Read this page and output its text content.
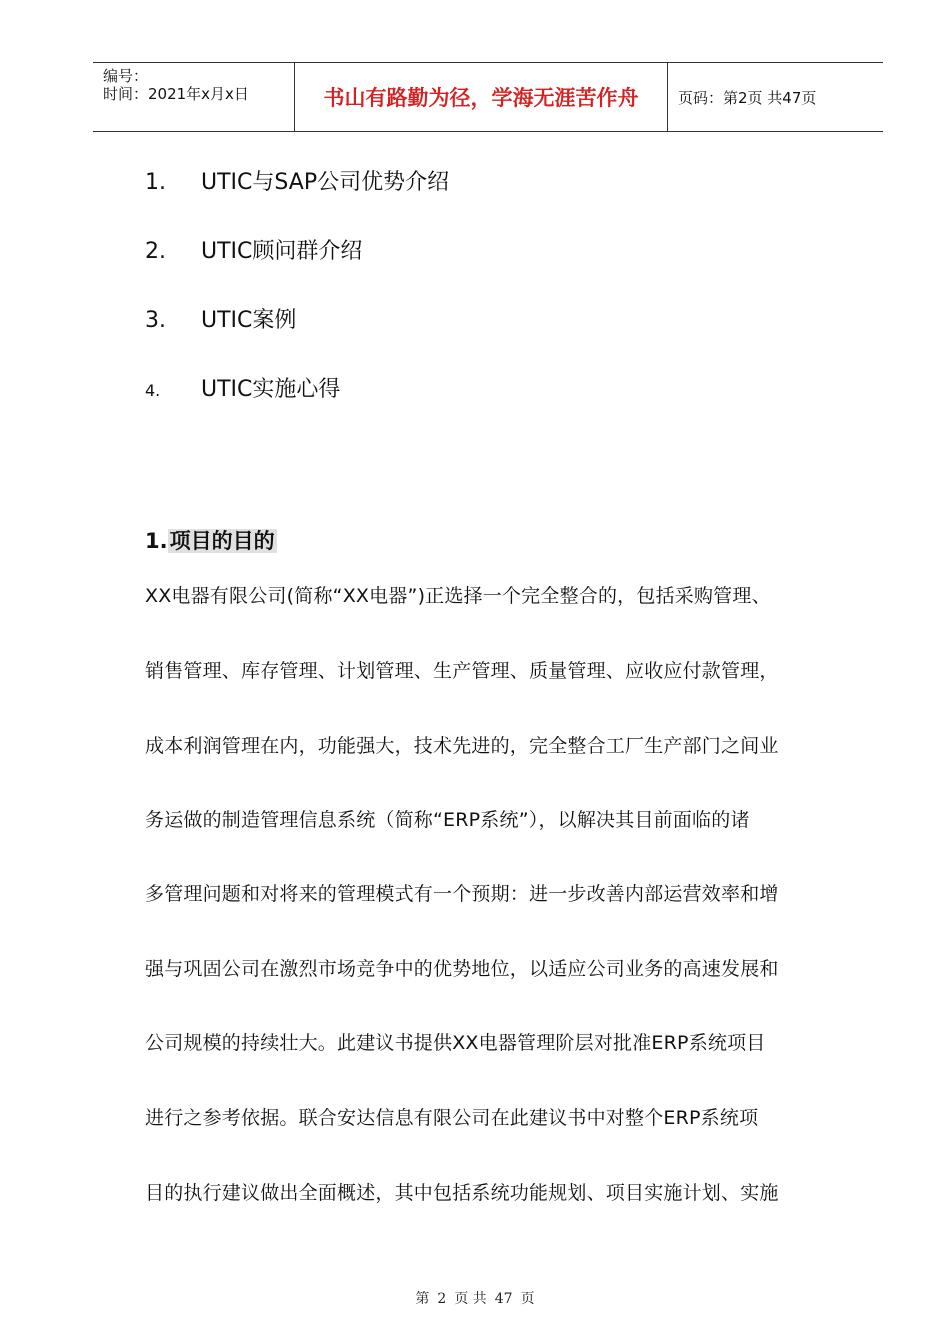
编号：
时间：2021年x月x日	书山有路勤为径，学海无涯苦作舟	页码：第2页 共47页
1. UTIC与SAP公司优势介绍
2. UTIC顾问群介绍
3. UTIC案例
4. UTIC实施心得
1.项目的目的
XX电器有限公司(简称“XX电器”)正选择一个完全整合的，包括采购管理、
销售管理、库存管理、计划管理、生产管理、质量管理、应收应付款管理，
成本利润管理在内，功能强大，技术先进的，完全整合工厂生产部门之间业
务运做的制造管理信息系统（简称“ERP系统”），以解决其目前面临的诸
多管理问题和对将来的管理模式有一个预期：进一步改善内部运营效率和增
强与巩固公司在激烈市场竞争中的优势地位，以适应公司业务的高速发展和
公司规模的持续壮大。此建议书提供XX电器管理阶层对批准ERP系统项目
进行之参考依据。联合安达信息有限公司在此建议书中对整个ERP系统项
目的执行建议做出全面概述，其中包括系统功能规划、项目实施计划、实施
第 2 页 共 47 页
